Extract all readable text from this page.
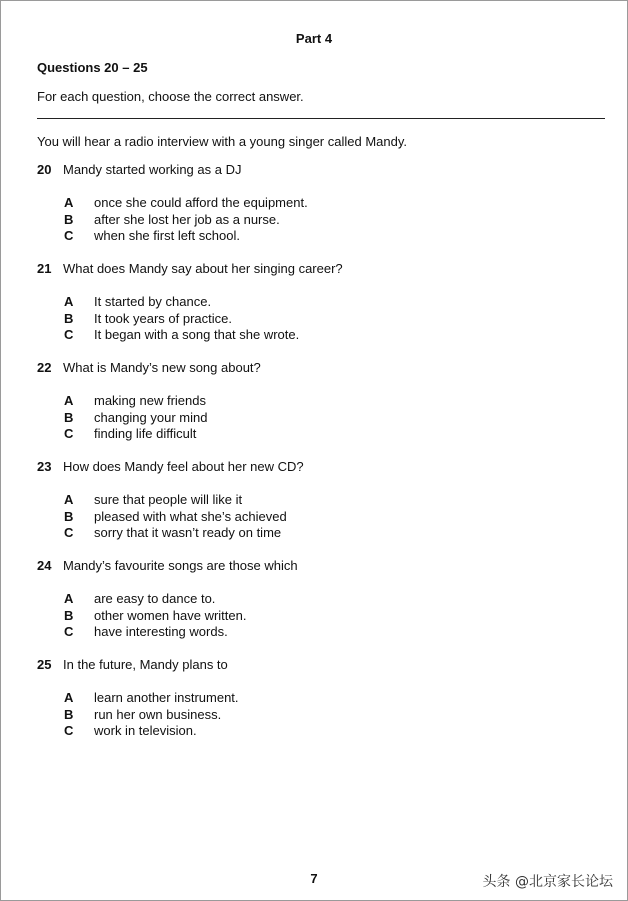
Part 4
Questions 20 – 25
For each question, choose the correct answer.
You will hear a radio interview with a young singer called Mandy.
20 Mandy started working as a DJ
A	once she could afford the equipment.
B	after she lost her job as a nurse.
C	when she first left school.
21 What does Mandy say about her singing career?
A	It started by chance.
B	It took years of practice.
C	It began with a song that she wrote.
22 What is Mandy’s new song about?
A	making new friends
B	changing your mind
C	finding life difficult
23 How does Mandy feel about her new CD?
A	sure that people will like it
B	pleased with what she’s achieved
C	sorry that it wasn’t ready on time
24 Mandy’s favourite songs are those which
A	are easy to dance to.
B	other women have written.
C	have interesting words.
25 In the future, Mandy plans to
A	learn another instrument.
B	run her own business.
C	work in television.
7	头条 @北京家长论坛
